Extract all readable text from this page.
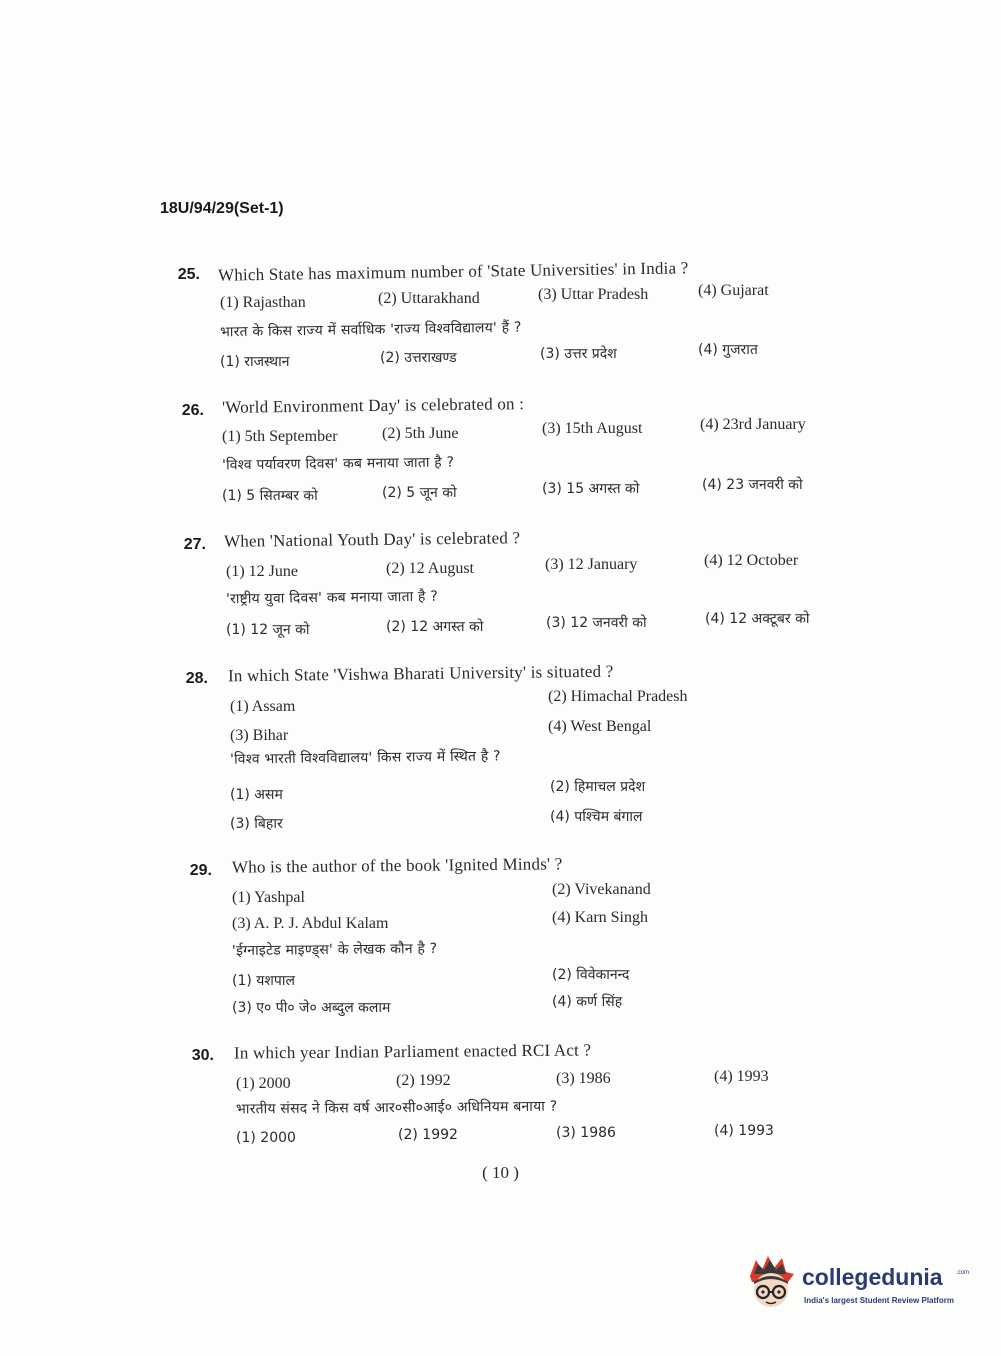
18U/94/29(Set-1)
25. Which State has maximum number of 'State Universities' in India ?
(1) Rajasthan	(2) Uttarakhand	(3) Uttar Pradesh	(4) Gujarat
भारत के किस राज्य में सर्वाधिक 'राज्य विश्वविद्यालय' हैं ?
(1) राजस्थान	(2) उत्तराखण्ड	(3) उत्तर प्रदेश	(4) गुजरात
26. 'World Environment Day' is celebrated on :
(1) 5th September	(2) 5th June	(3) 15th August	(4) 23rd January
'विश्व पर्यावरण दिवस' कब मनाया जाता है ?
(1) 5 सितम्बर को	(2) 5 जून को	(3) 15 अगस्त को	(4) 23 जनवरी को
27. When 'National Youth Day' is celebrated ?
(1) 12 June	(2) 12 August	(3) 12 January	(4) 12 October
'राष्ट्रीय युवा दिवस' कब मनाया जाता है ?
(1) 12 जून को	(2) 12 अगस्त को	(3) 12 जनवरी को	(4) 12 अक्टूबर को
28. In which State 'Vishwa Bharati University' is situated ?
(1) Assam
(2) Himachal Pradesh
(3) Bihar
(4) West Bengal
'विश्व भारती विश्वविद्यालय' किस राज्य में स्थित है ?
(1) असम	(2) हिमाचल प्रदेश
(3) बिहार	(4) पश्चिम बंगाल
29. Who is the author of the book 'Ignited Minds' ?
(1) Yashpal	(2) Vivekanand
(3) A. P. J. Abdul Kalam	(4) Karn Singh
'ईग्नाइटेड माइण्ड्स' के लेखक कौन है ?
(1) यशपाल	(2) विवेकानन्द
(3) ए० पी० जे० अब्दुल कलाम	(4) कर्ण सिंह
30. In which year Indian Parliament enacted RCI Act ?
(1) 2000	(2) 1992	(3) 1986	(4) 1993
भारतीय संसद ने किस वर्ष आर०सी०आई० अधिनियम बनाया ?
(1) 2000	(2) 1992	(3) 1986	(4) 1993
( 10 )
collegedunia .com
India's largest Student Review Platform
